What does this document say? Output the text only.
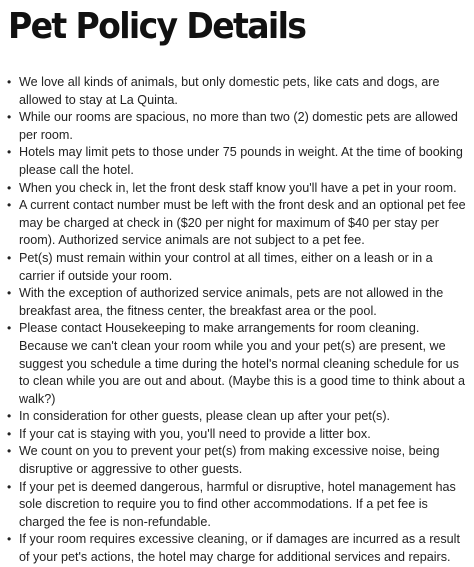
Pet Policy Details
• We love all kinds of animals, but only domestic pets, like cats and dogs, are allowed to stay at La Quinta.
• While our rooms are spacious, no more than two (2) domestic pets are allowed per room.
• Hotels may limit pets to those under 75 pounds in weight. At the time of booking please call the hotel.
• When you check in, let the front desk staff know you'll have a pet in your room.
• A current contact number must be left with the front desk and an optional pet fee may be charged at check in ($20 per night for maximum of $40 per stay per room). Authorized service animals are not subject to a pet fee.
• Pet(s) must remain within your control at all times, either on a leash or in a carrier if outside your room.
• With the exception of authorized service animals, pets are not allowed in the breakfast area, the fitness center, the breakfast area or the pool.
• Please contact Housekeeping to make arrangements for room cleaning. Because we can't clean your room while you and your pet(s) are present, we suggest you schedule a time during the hotel's normal cleaning schedule for us to clean while you are out and about. (Maybe this is a good time to think about a walk?)
• In consideration for other guests, please clean up after your pet(s).
• If your cat is staying with you, you'll need to provide a litter box.
• We count on you to prevent your pet(s) from making excessive noise, being disruptive or aggressive to other guests.
• If your pet is deemed dangerous, harmful or disruptive, hotel management has sole discretion to require you to find other accommodations. If a pet fee is charged the fee is non-refundable.
• If your room requires excessive cleaning, or if damages are incurred as a result of your pet's actions, the hotel may charge for additional services and repairs.
